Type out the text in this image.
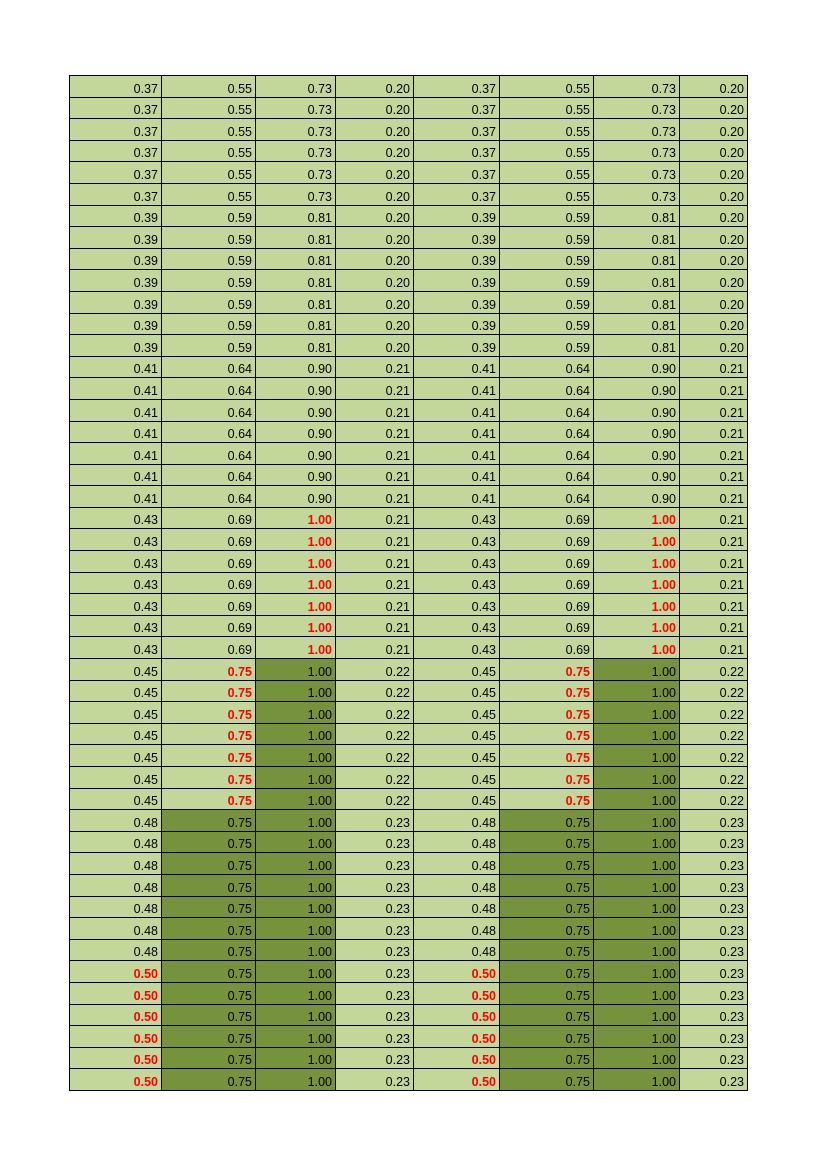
0.37	0.55	0.73	0.20	0.37	0.55	0.73	0.20
0.37	0.55	0.73	0.20	0.37	0.55	0.73	0.20
0.37	0.55	0.73	0.20	0.37	0.55	0.73	0.20
0.37	0.55	0.73	0.20	0.37	0.55	0.73	0.20
0.37	0.55	0.73	0.20	0.37	0.55	0.73	0.20
0.37	0.55	0.73	0.20	0.37	0.55	0.73	0.20
0.39	0.59	0.81	0.20	0.39	0.59	0.81	0.20
0.39	0.59	0.81	0.20	0.39	0.59	0.81	0.20
0.39	0.59	0.81	0.20	0.39	0.59	0.81	0.20
0.39	0.59	0.81	0.20	0.39	0.59	0.81	0.20
0.39	0.59	0.81	0.20	0.39	0.59	0.81	0.20
0.39	0.59	0.81	0.20	0.39	0.59	0.81	0.20
0.39	0.59	0.81	0.20	0.39	0.59	0.81	0.20
0.41	0.64	0.90	0.21	0.41	0.64	0.90	0.21
0.41	0.64	0.90	0.21	0.41	0.64	0.90	0.21
0.41	0.64	0.90	0.21	0.41	0.64	0.90	0.21
0.41	0.64	0.90	0.21	0.41	0.64	0.90	0.21
0.41	0.64	0.90	0.21	0.41	0.64	0.90	0.21
0.41	0.64	0.90	0.21	0.41	0.64	0.90	0.21
0.41	0.64	0.90	0.21	0.41	0.64	0.90	0.21
0.43	0.69	1.00	0.21	0.43	0.69	1.00	0.21
0.43	0.69	1.00	0.21	0.43	0.69	1.00	0.21
0.43	0.69	1.00	0.21	0.43	0.69	1.00	0.21
0.43	0.69	1.00	0.21	0.43	0.69	1.00	0.21
0.43	0.69	1.00	0.21	0.43	0.69	1.00	0.21
0.43	0.69	1.00	0.21	0.43	0.69	1.00	0.21
0.43	0.69	1.00	0.21	0.43	0.69	1.00	0.21
0.45	0.75	1.00	0.22	0.45	0.75	1.00	0.22
0.45	0.75	1.00	0.22	0.45	0.75	1.00	0.22
0.45	0.75	1.00	0.22	0.45	0.75	1.00	0.22
0.45	0.75	1.00	0.22	0.45	0.75	1.00	0.22
0.45	0.75	1.00	0.22	0.45	0.75	1.00	0.22
0.45	0.75	1.00	0.22	0.45	0.75	1.00	0.22
0.45	0.75	1.00	0.22	0.45	0.75	1.00	0.22
0.48	0.75	1.00	0.23	0.48	0.75	1.00	0.23
0.48	0.75	1.00	0.23	0.48	0.75	1.00	0.23
0.48	0.75	1.00	0.23	0.48	0.75	1.00	0.23
0.48	0.75	1.00	0.23	0.48	0.75	1.00	0.23
0.48	0.75	1.00	0.23	0.48	0.75	1.00	0.23
0.48	0.75	1.00	0.23	0.48	0.75	1.00	0.23
0.48	0.75	1.00	0.23	0.48	0.75	1.00	0.23
0.50	0.75	1.00	0.23	0.50	0.75	1.00	0.23
0.50	0.75	1.00	0.23	0.50	0.75	1.00	0.23
0.50	0.75	1.00	0.23	0.50	0.75	1.00	0.23
0.50	0.75	1.00	0.23	0.50	0.75	1.00	0.23
0.50	0.75	1.00	0.23	0.50	0.75	1.00	0.23
0.50	0.75	1.00	0.23	0.50	0.75	1.00	0.23
